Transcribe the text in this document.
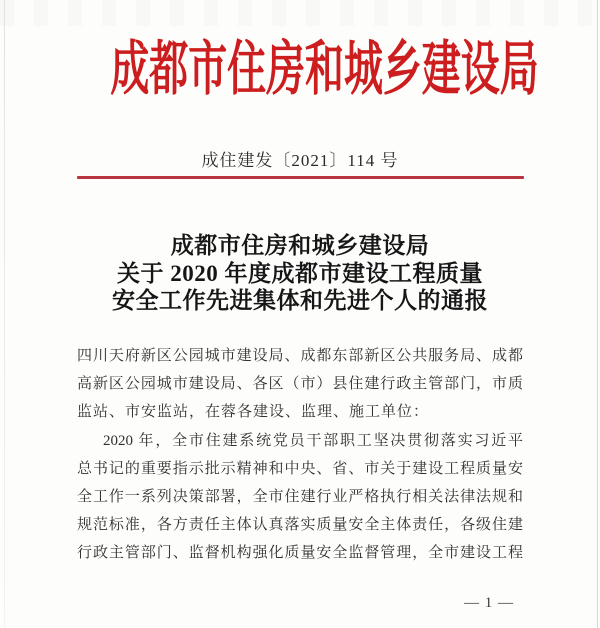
成都市住房和城乡建设局
成住建发〔2021〕114 号
成都市住房和城乡建设局
关于 2020 年度成都市建设工程质量
安全工作先进集体和先进个人的通报
四川天府新区公园城市建设局、成都东部新区公共服务局、成都
高新区公园城市建设局、各区（市）县住建行政主管部门，市质
监站、市安监站，在蓉各建设、监理、施工单位：
2020 年，全市住建系统党员干部职工坚决贯彻落实习近平
总书记的重要指示批示精神和中央、省、市关于建设工程质量安
全工作一系列决策部署，全市住建行业严格执行相关法律法规和
规范标准，各方责任主体认真落实质量安全主体责任，各级住建
行政主管部门、监督机构强化质量安全监督管理，全市建设工程
— 1 —
